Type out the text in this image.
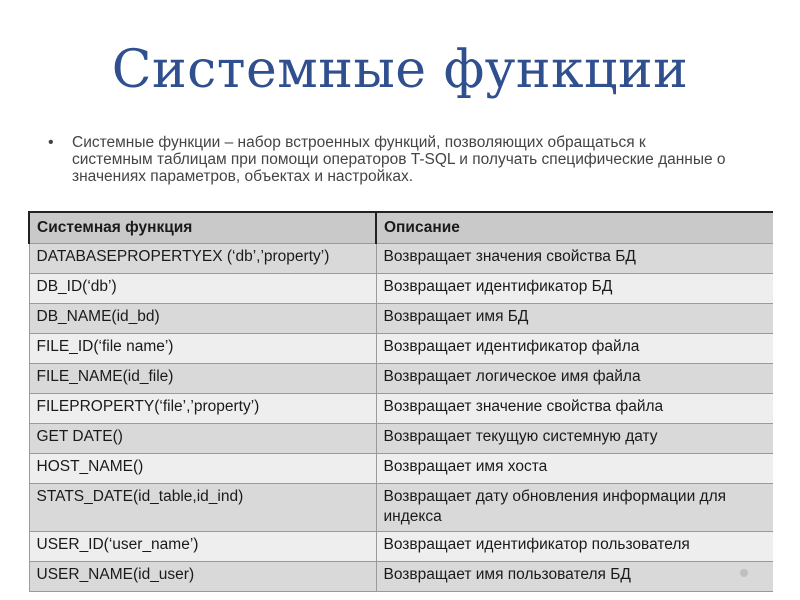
Системные функции
•	Системные функции – набор встроенных функций, позволяющих обращаться к системным таблицам при помощи операторов T-SQL и получать специфические данные о значениях параметров, объектах и настройках.
Системная функция	Описание
DATABASEPROPERTYEX (‘db’,’property’)	Возвращает значения свойства БД
DB_ID(‘db’)	Возвращает идентификатор БД
DB_NAME(id_bd)	Возвращает имя БД
FILE_ID(‘file name’)	Возвращает идентификатор файла
FILE_NAME(id_file)	Возвращает логическое имя файла
FILEPROPERTY(‘file’,’property’)	Возвращает значение свойства файла
GET DATE()	Возвращает текущую системную дату
HOST_NAME()	Возвращает имя хоста
STATS_DATE(id_table,id_ind)	Возвращает дату обновления информации для индекса
USER_ID(‘user_name’)	Возвращает идентификатор пользователя
USER_NAME(id_user)	Возвращает имя пользователя БД
